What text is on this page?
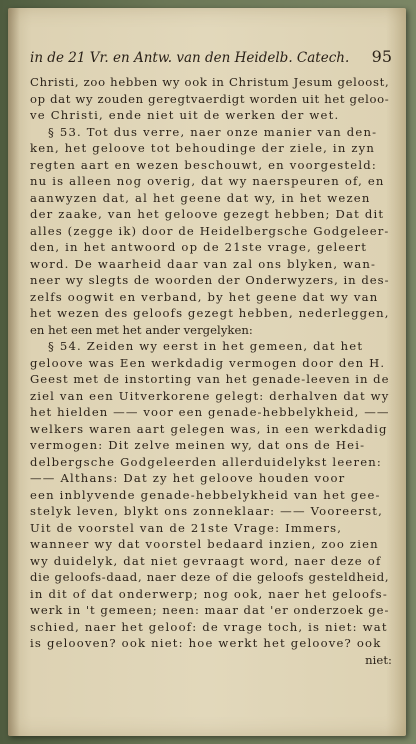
in de 21 Vr. en Antw. van den Heidelb. Catech. 95
Christi, zoo hebben wy ook in Christum Jesum geloost,
op dat wy zouden geregtvaerdigt worden uit het geloo-
ve Christi, ende niet uit de werken der wet.
§ 53. Tot dus verre, naer onze manier van den-
ken, het geloove tot behoudinge der ziele, in zyn
regten aart en wezen beschouwt, en voorgesteld:
nu is alleen nog overig, dat wy naerspeuren of, en
aanwyzen dat, al het geene dat wy, in het wezen
der zaake, van het geloove gezegt hebben; Dat dit
alles (zegge ik) door de Heidelbergsche Godgeleer-
den, in het antwoord op de 21ste vrage, geleert
word. De waarheid daar van zal ons blyken, wan-
neer wy slegts de woorden der Onderwyzers, in des-
zelfs oogwit en verband, by het geene dat wy van
het wezen des geloofs gezegt hebben, nederleggen,
en het een met het ander vergelyken:
§ 54. Zeiden wy eerst in het gemeen, dat het
geloove was Een werkdadig vermogen door den H.
Geest met de instorting van het genade-leeven in de
ziel van een Uitverkorene gelegt: derhalven dat wy
het hielden —— voor een genade-hebbelykheid, ——
welkers waren aart gelegen was, in een werkdadig
vermogen: Dit zelve meinen wy, dat ons de Hei-
delbergsche Godgeleerden allerduidelykst leeren:
—— Althans: Dat zy het geloove houden voor
een inblyvende genade-hebbelykheid van het gee-
stelyk leven, blykt ons zonneklaar: —— Vooreerst,
Uit de voorstel van de 21ste Vrage: Immers,
wanneer wy dat voorstel bedaard inzien, zoo zien
wy duidelyk, dat niet gevraagt word, naer deze of
die geloofs-daad, naer deze of die geloofs gesteldheid,
in dit of dat onderwerp; nog ook, naer het geloofs-
werk in 't gemeen; neen: maar dat 'er onderzoek ge-
schied, naer het geloof: de vrage toch, is niet: wat
is gelooven? ook niet: hoe werkt het geloove? ook
niet:
